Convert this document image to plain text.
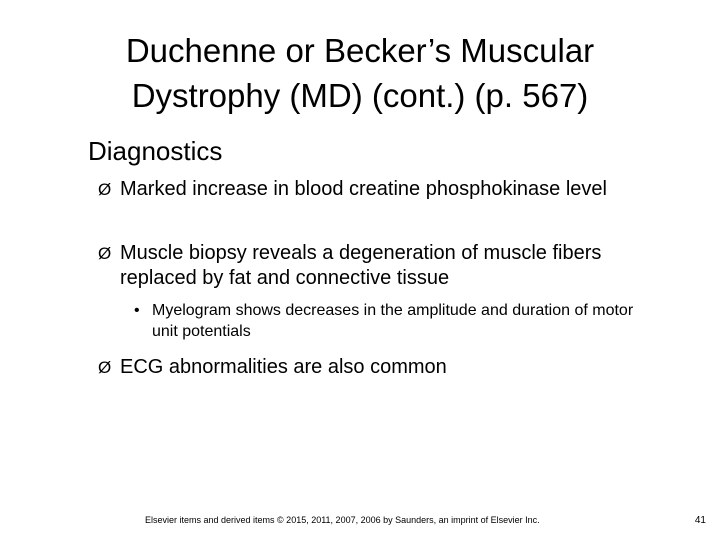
Duchenne or Becker’s Muscular
Dystrophy (MD) (cont.) (p. 567)
Diagnostics
Ø Marked increase in blood creatine phosphokinase level
Ø Muscle biopsy reveals a degeneration of muscle fibers replaced by fat and connective tissue
• Myelogram shows decreases in the amplitude and duration of motor unit potentials
Ø ECG abnormalities are also common
Elsevier items and derived items © 2015, 2011, 2007, 2006 by Saunders, an imprint of Elsevier Inc.	41
